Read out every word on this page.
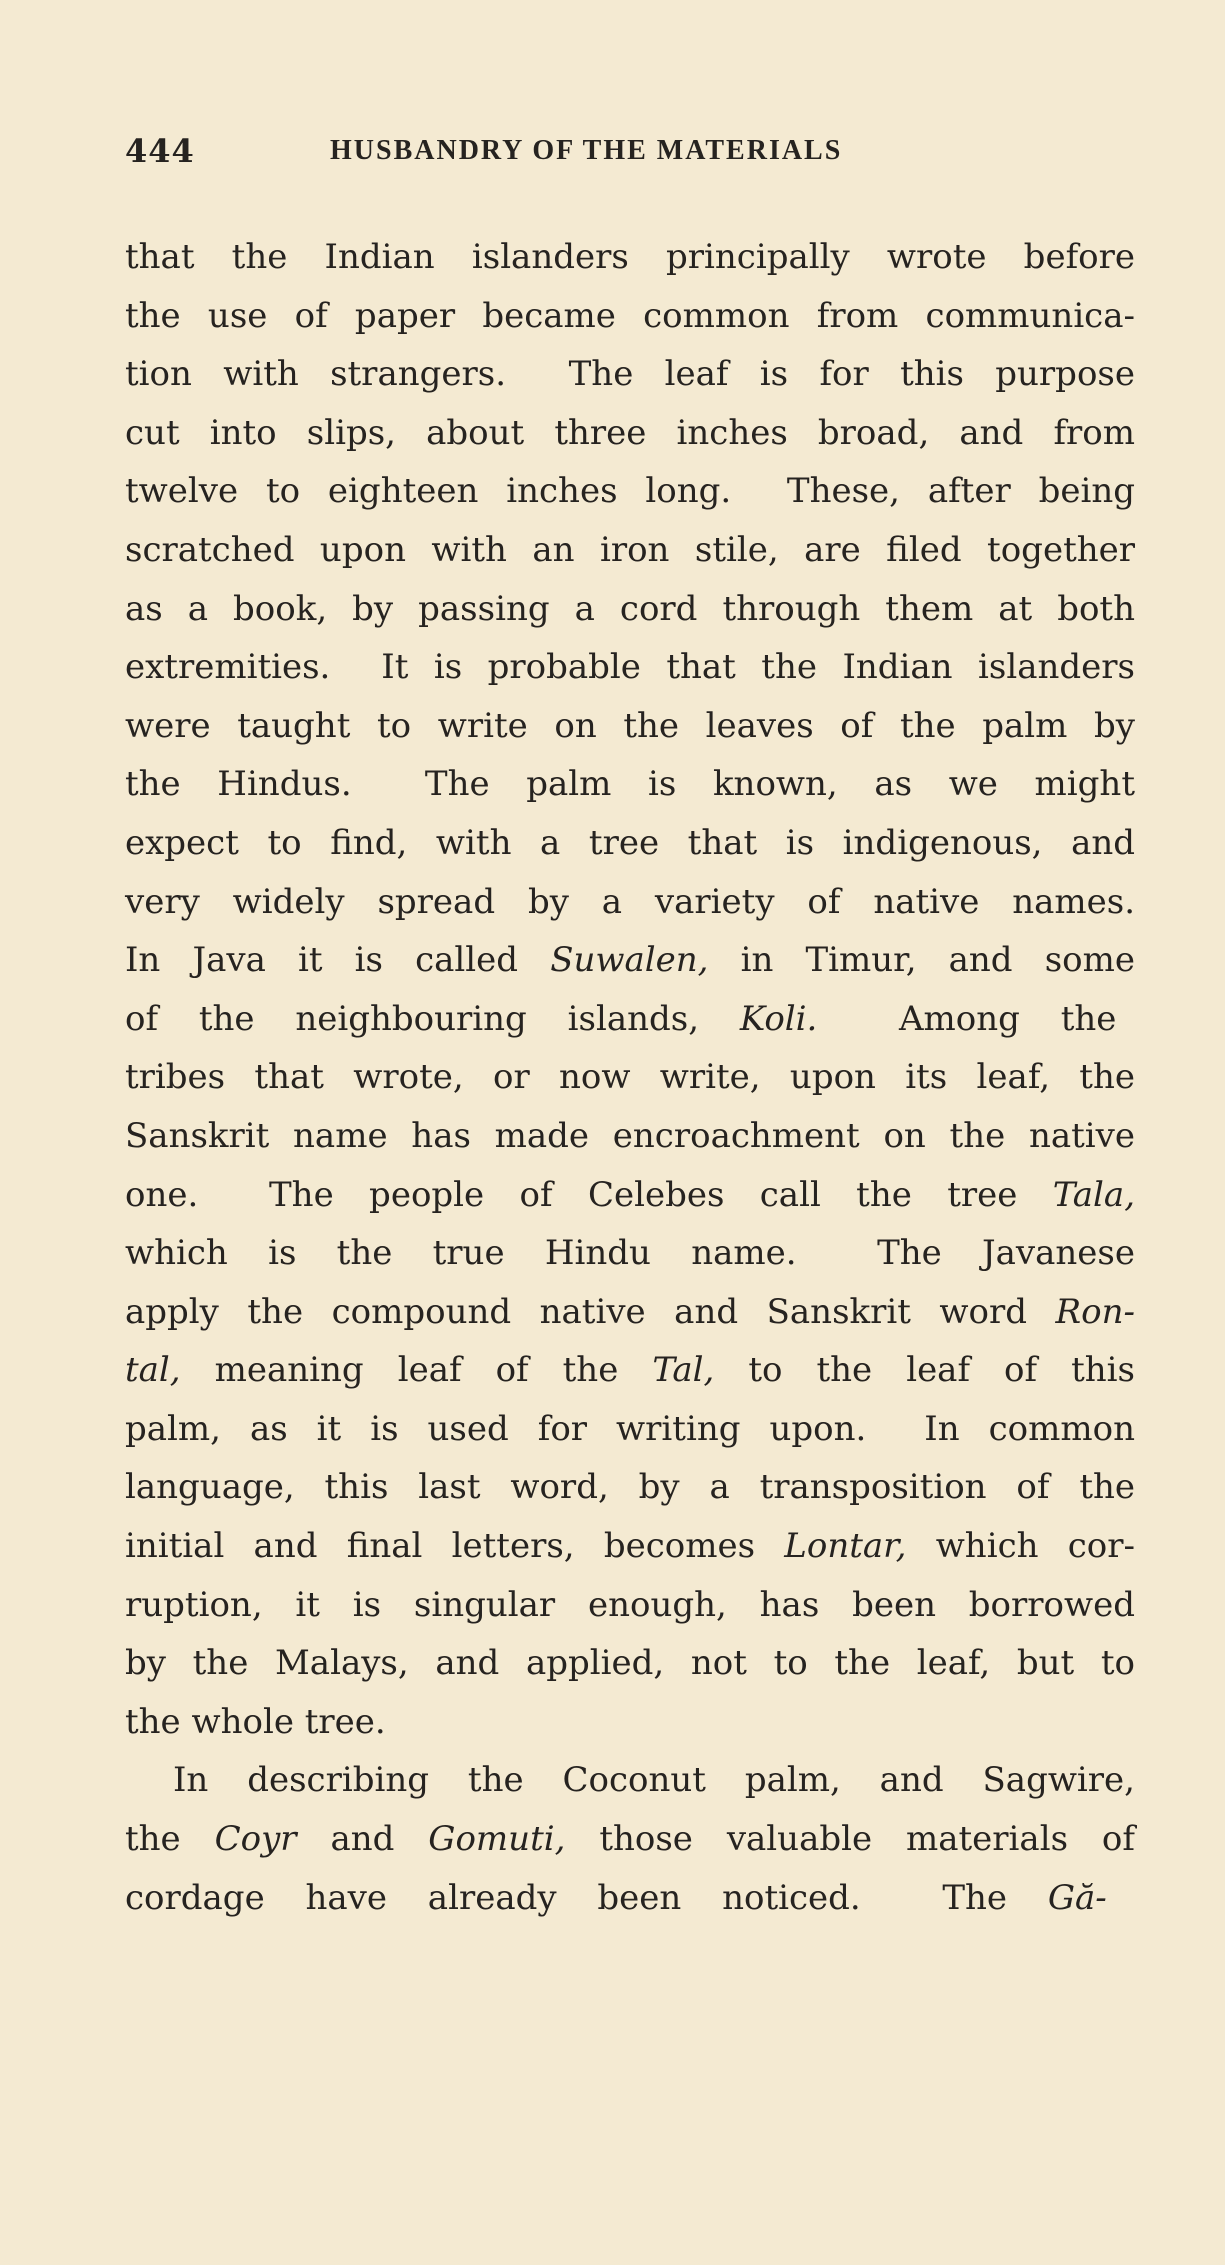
444	HUSBANDRY OF THE MATERIALS
that the Indian islanders principally wrote before
the use of paper became common from communica-
tion with strangers.  The leaf is for this purpose
cut into slips, about three inches broad, and from
twelve to eighteen inches long.  These, after being
scratched upon with an iron stile, are filed together
as a book, by passing a cord through them at both
extremities.  It is probable that the Indian islanders
were taught to write on the leaves of the palm by
the Hindus.  The palm is known, as we might
expect to find, with a tree that is indigenous, and
very widely spread by a variety of native names.
In Java it is called Suwalen, in Timur, and some
of the neighbouring islands, Koli.  Among the
tribes that wrote, or now write, upon its leaf, the
Sanskrit name has made encroachment on the native
one.  The people of Celebes call the tree Tala,
which is the true Hindu name.  The Javanese
apply the compound native and Sanskrit word Ron-
tal, meaning leaf of the Tal, to the leaf of this
palm, as it is used for writing upon.  In common
language, this last word, by a transposition of the
initial and final letters, becomes Lontar, which cor-
ruption, it is singular enough, has been borrowed
by the Malays, and applied, not to the leaf, but to
the whole tree.
In describing the Coconut palm, and Sagwire,
the Coyr and Gomuti, those valuable materials of
cordage have already been noticed.  The Gă-
